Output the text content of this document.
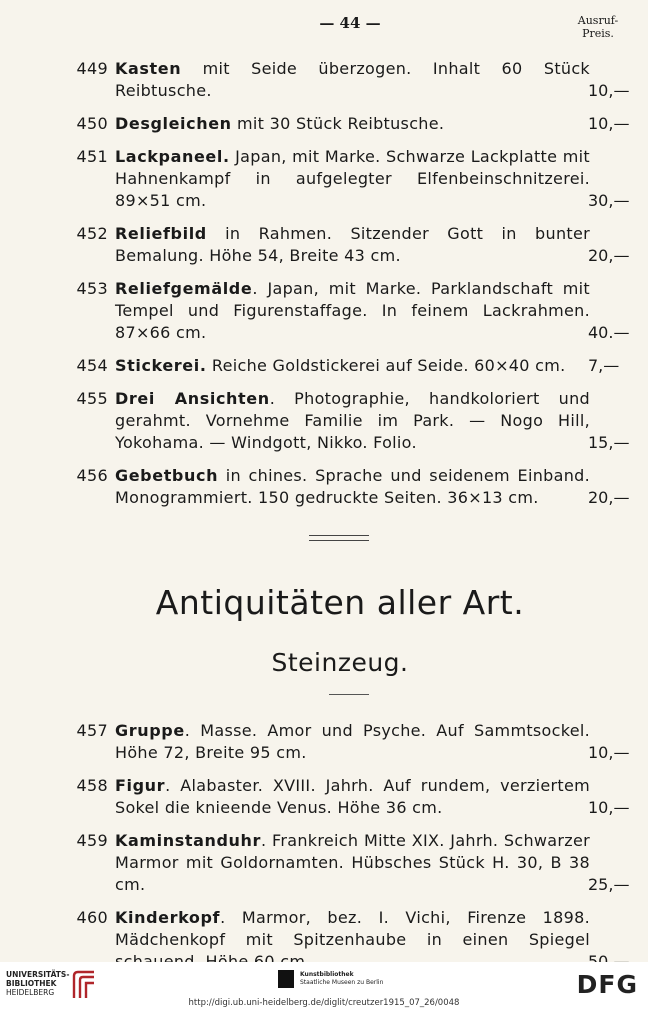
— 44 —	Ausruf-
Preis.
449 Kasten mit Seide überzogen. Inhalt 60 Stück Reibtusche.	10,—
450 Desgleichen mit 30 Stück Reibtusche.	10,—
451 Lackpaneel. Japan, mit Marke. Schwarze Lackplatte mit Hahnenkampf in aufgelegter Elfenbeinschnitzerei. 89×51 cm.	30,—
452 Reliefbild in Rahmen. Sitzender Gott in bunter Bemalung. Höhe 54, Breite 43 cm.	20,—
453 Reliefgemälde. Japan, mit Marke. Parklandschaft mit Tempel und Figurenstaffage. In feinem Lackrahmen. 87×66 cm.	40.—
454 Stickerei. Reiche Goldstickerei auf Seide. 60×40 cm.	7,—
455 Drei Ansichten. Photographie, handkoloriert und gerahmt. Vornehme Familie im Park. — Nogo Hill, Yokohama. — Windgott, Nikko. Folio.	15,—
456 Gebetbuch in chines. Sprache und seidenem Einband. Monogrammiert. 150 gedruckte Seiten. 36×13 cm.	20,—
Antiquitäten aller Art.
Steinzeug.
457 Gruppe. Masse. Amor und Psyche. Auf Sammtsockel. Höhe 72, Breite 95 cm.	10,—
458 Figur. Alabaster. XVIII. Jahrh. Auf rundem, verziertem Sokel die knieende Venus. Höhe 36 cm.	10,—
459 Kaminstanduhr. Frankreich Mitte XIX. Jahrh. Schwarzer Marmor mit Goldornamten. Hübsches Stück H. 30, B 38 cm.	25,—
460 Kinderkopf. Marmor, bez. I. Vichi, Firenze 1898. Mädchenkopf mit Spitzenhaube in einen Spiegel
UNIVERSITÄTS-
BIBLIOTHEK
HEIDELBERG
Kunstbibliothek
Staatliche Museen zu Berlin	DFG
http://digi.ub.uni-heidelberg.de/diglit/creutzer1915_07_26/0048
